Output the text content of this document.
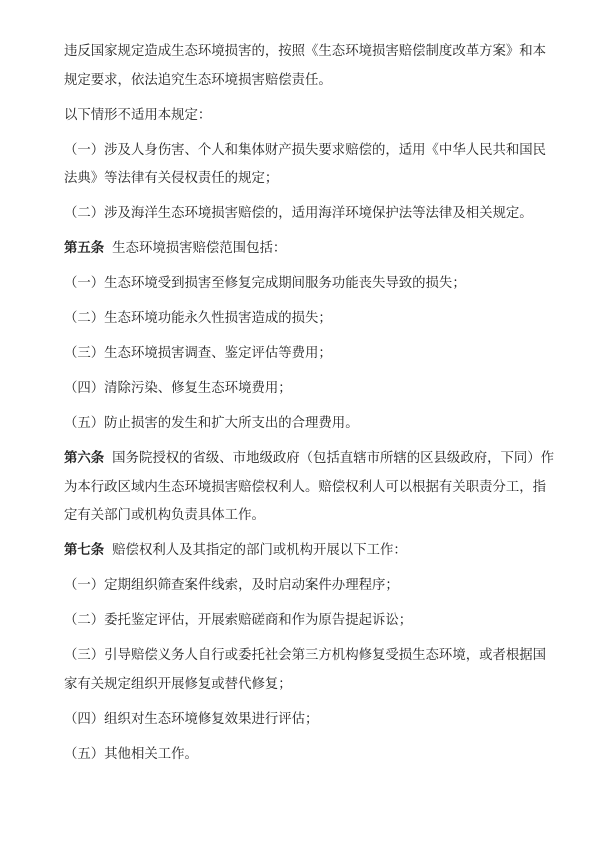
违反国家规定造成生态环境损害的，按照《生态环境损害赔偿制度改革方案》和本规定要求，依法追究生态环境损害赔偿责任。

以下情形不适用本规定：

（一）涉及人身伤害、个人和集体财产损失要求赔偿的，适用《中华人民共和国民法典》等法律有关侵权责任的规定；

（二）涉及海洋生态环境损害赔偿的，适用海洋环境保护法等法律及相关规定。

第五条 生态环境损害赔偿范围包括：

（一）生态环境受到损害至修复完成期间服务功能丧失导致的损失；

（二）生态环境功能永久性损害造成的损失；

（三）生态环境损害调查、鉴定评估等费用；

（四）清除污染、修复生态环境费用；

（五）防止损害的发生和扩大所支出的合理费用。

第六条 国务院授权的省级、市地级政府（包括直辖市所辖的区县级政府，下同）作为本行政区域内生态环境损害赔偿权利人。赔偿权利人可以根据有关职责分工，指定有关部门或机构负责具体工作。

第七条 赔偿权利人及其指定的部门或机构开展以下工作：

（一）定期组织筛查案件线索，及时启动案件办理程序；

（二）委托鉴定评估，开展索赔磋商和作为原告提起诉讼；

（三）引导赔偿义务人自行或委托社会第三方机构修复受损生态环境，或者根据国家有关规定组织开展修复或替代修复；

（四）组织对生态环境修复效果进行评估；

（五）其他相关工作。
